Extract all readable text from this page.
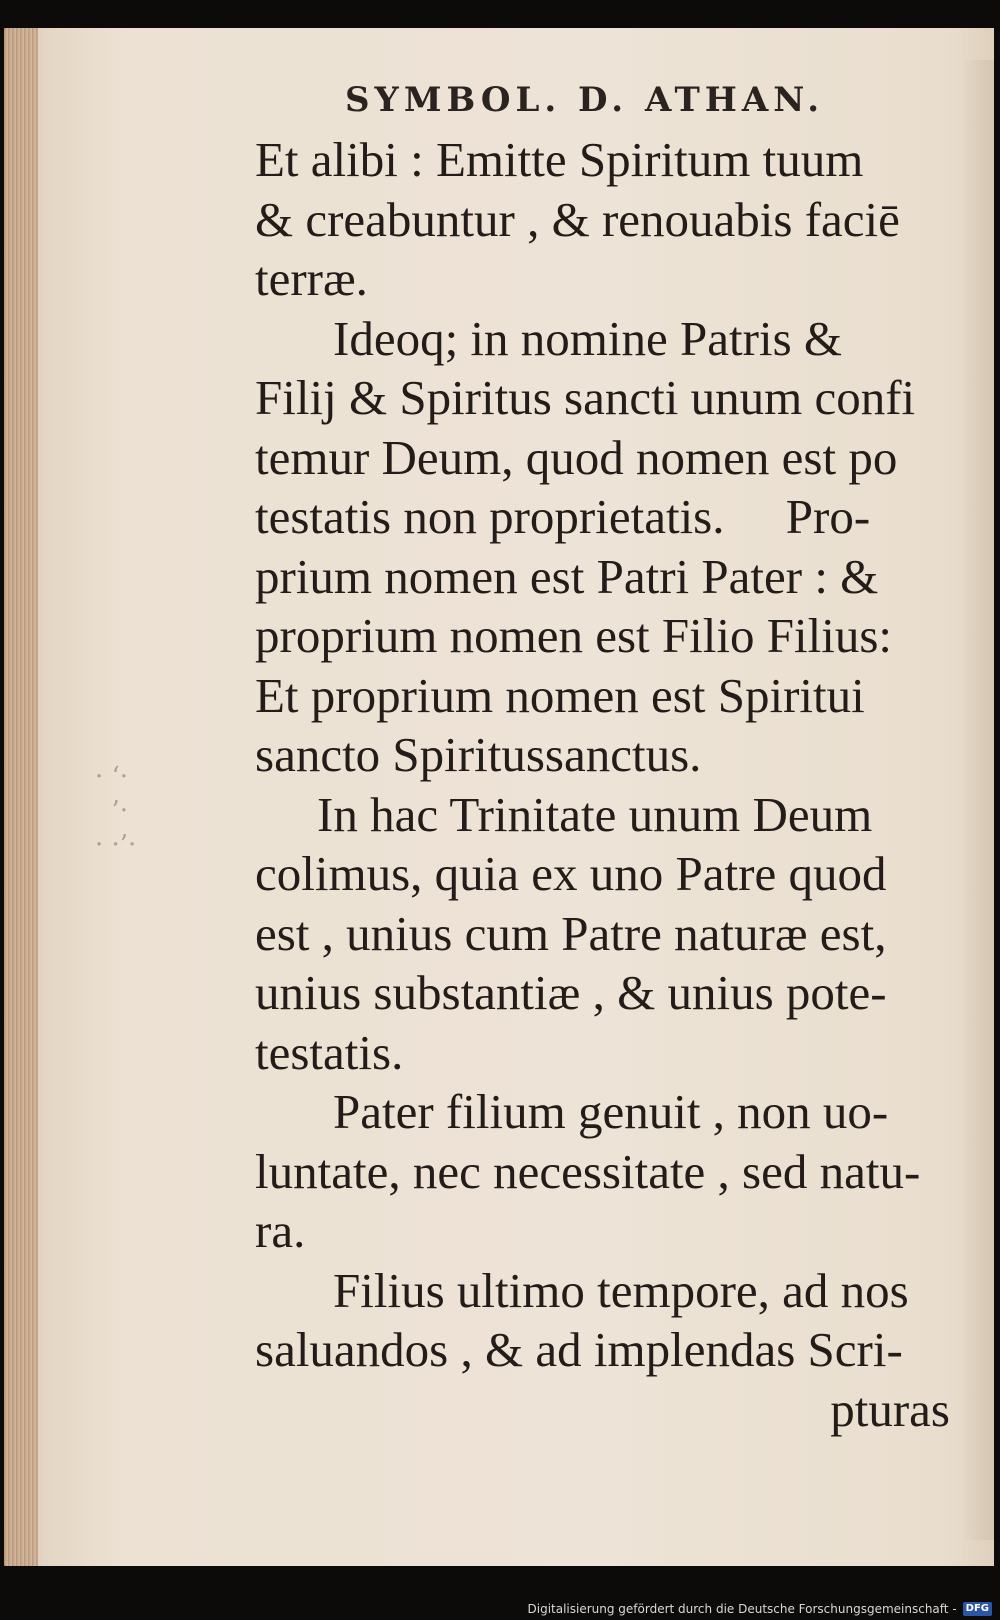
· ‘·
’·
· ·’·
SYMBOL. D. ATHAN.
Et alibi : Emitte Spiritum tuum
& creabuntur , & renouabis faciē
terræ.
Ideoq; in nomine Patris &
Filij & Spiritus sancti unum confi
temur Deum, quod nomen est po
testatis non proprietatis.     Pro-
prium nomen est Patri Pater : &
proprium nomen est Filio Filius:
Et proprium nomen est Spiritui
sancto Spiritussanctus.
In hac Trinitate unum Deum
colimus, quia ex uno Patre quod
est , unius cum Patre naturæ est,
unius substantiæ , & unius pote-
testatis.
Pater filium genuit , non uo-
luntate, nec necessitate , sed natu-
ra.
Filius ultimo tempore, ad nos
saluandos , & ad implendas Scri-
pturas
Digitalisierung gefördert durch die Deutsche Forschungsgemeinschaft - DFG
